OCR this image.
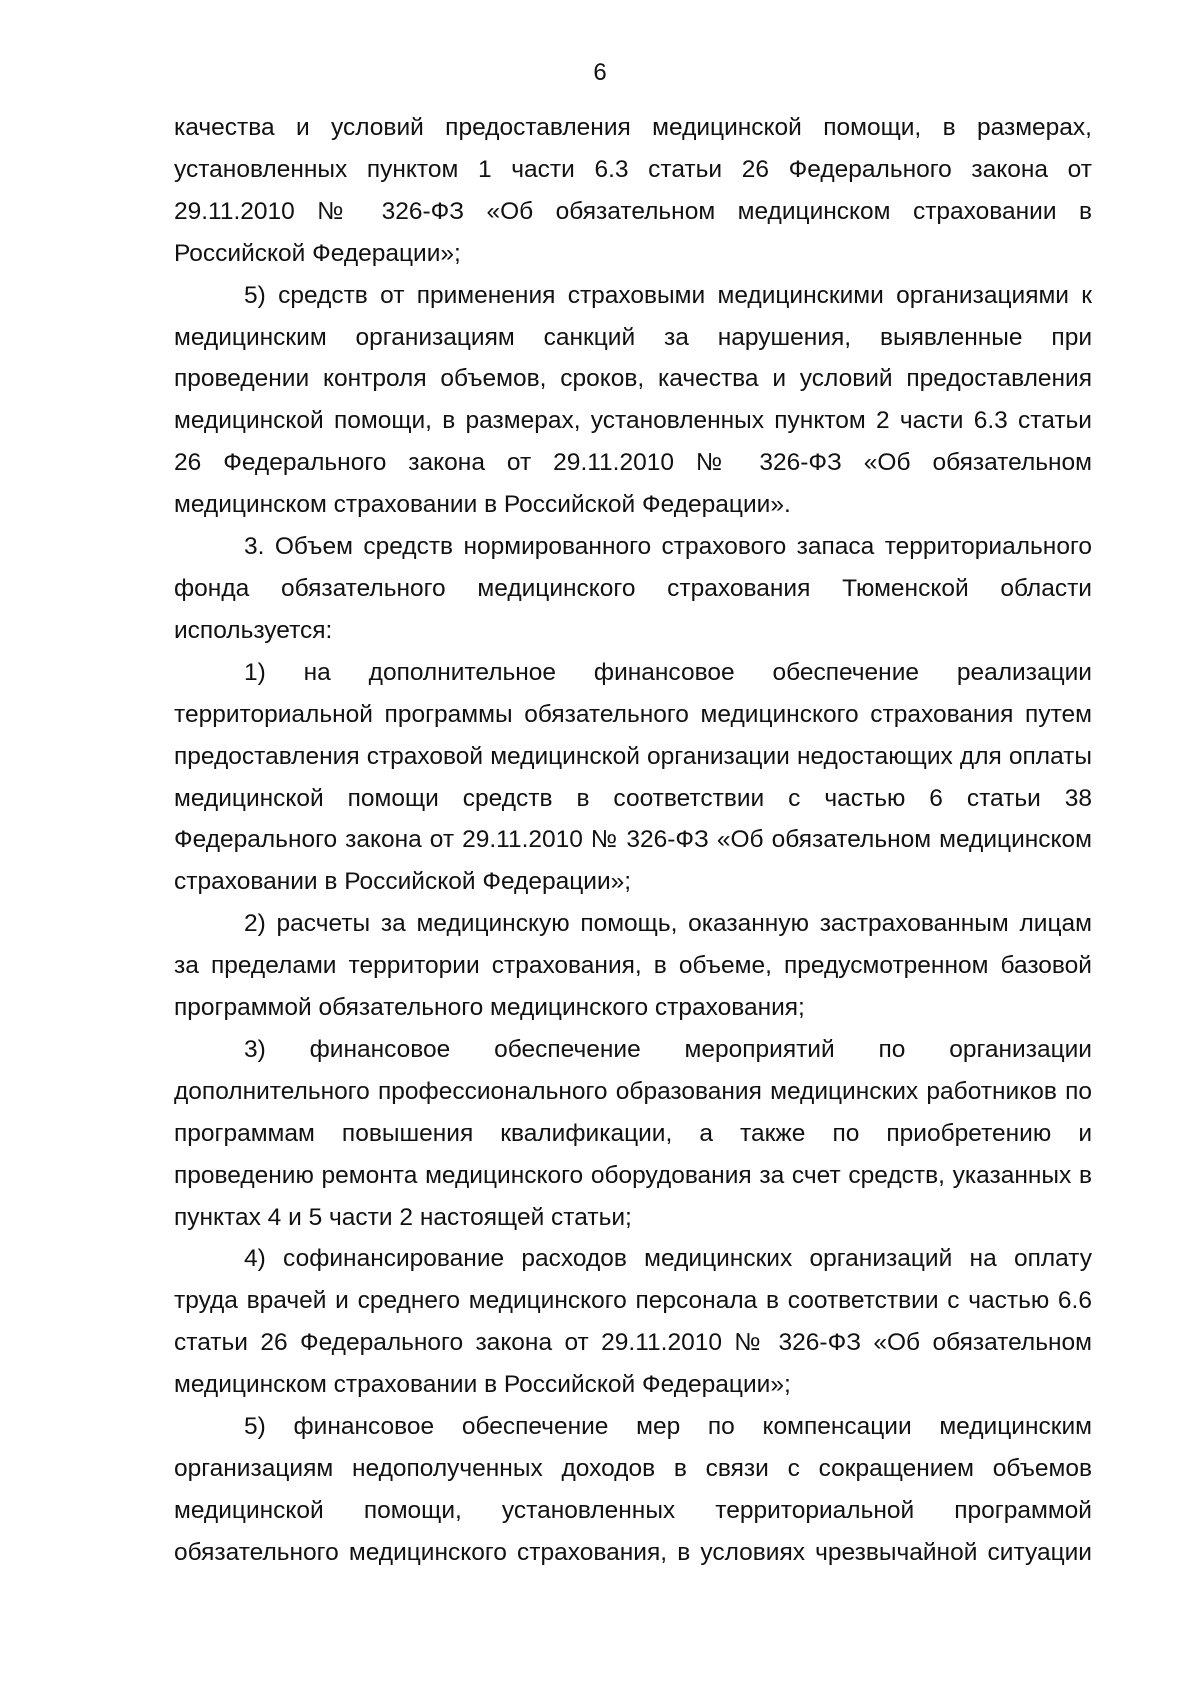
6

качества и условий предоставления медицинской помощи, в размерах, установленных пунктом 1 части 6.3 статьи 26 Федерального закона от 29.11.2010 № 326-ФЗ «Об обязательном медицинском страховании в Российской Федерации»;

5) средств от применения страховыми медицинскими организациями к медицинским организациям санкций за нарушения, выявленные при проведении контроля объемов, сроков, качества и условий предоставления медицинской помощи, в размерах, установленных пунктом 2 части 6.3 статьи 26 Федерального закона от 29.11.2010 № 326-ФЗ «Об обязательном медицинском страховании в Российской Федерации».

3. Объем средств нормированного страхового запаса территориального фонда обязательного медицинского страхования Тюменской области используется:

1) на дополнительное финансовое обеспечение реализации территориальной программы обязательного медицинского страхования путем предоставления страховой медицинской организации недостающих для оплаты медицинской помощи средств в соответствии с частью 6 статьи 38 Федерального закона от 29.11.2010 № 326-ФЗ «Об обязательном медицинском страховании в Российской Федерации»;

2) расчеты за медицинскую помощь, оказанную застрахованным лицам за пределами территории страхования, в объеме, предусмотренном базовой программой обязательного медицинского страхования;

3) финансовое обеспечение мероприятий по организации дополнительного профессионального образования медицинских работников по программам повышения квалификации, а также по приобретению и проведению ремонта медицинского оборудования за счет средств, указанных в пунктах 4 и 5 части 2 настоящей статьи;

4) софинансирование расходов медицинских организаций на оплату труда врачей и среднего медицинского персонала в соответствии с частью 6.6 статьи 26 Федерального закона от 29.11.2010 № 326-ФЗ «Об обязательном медицинском страховании в Российской Федерации»;

5) финансовое обеспечение мер по компенсации медицинским организациям недополученных доходов в связи с сокращением объемов медицинской помощи, установленных территориальной программой обязательного медицинского страхования, в условиях чрезвычайной ситуации
